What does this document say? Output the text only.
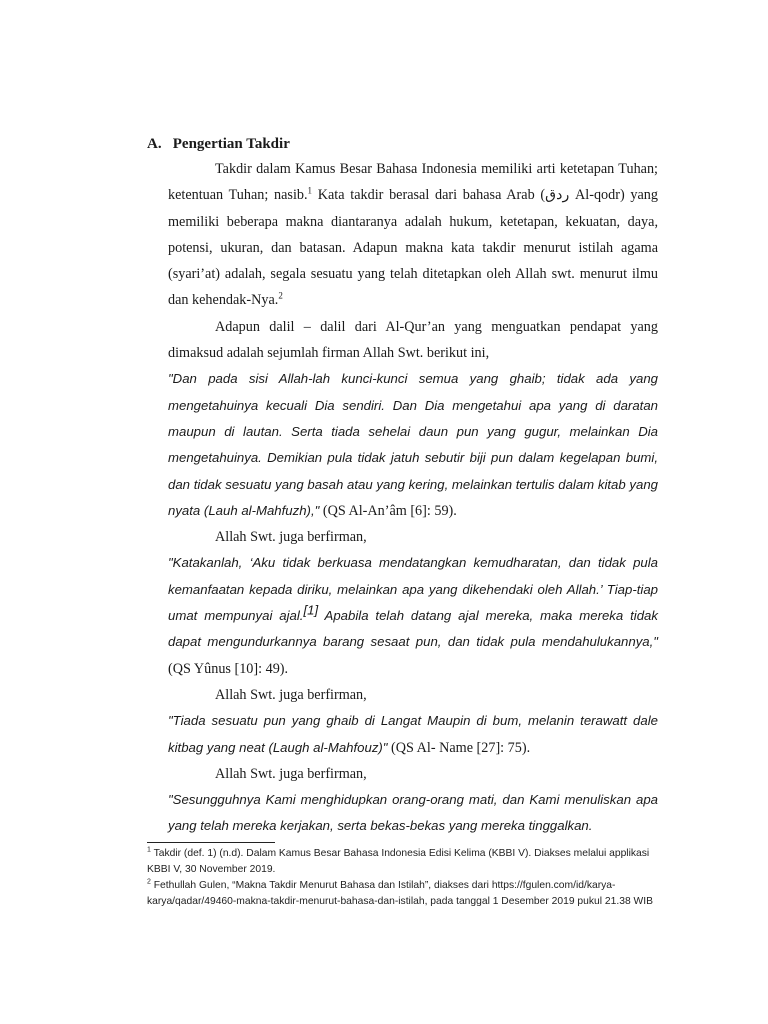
A. Pengertian Takdir

Takdir dalam Kamus Besar Bahasa Indonesia memiliki arti ketetapan Tuhan; ketentuan Tuhan; nasib.$^1$ Kata takdir berasal dari bahasa Arab (ردق Al-qodr) yang memiliki beberapa makna diantaranya adalah hukum, ketetapan, kekuatan, daya, potensi, ukuran, dan batasan. Adapun makna kata takdir menurut istilah agama (syari’at) adalah, segala sesuatu yang telah ditetapkan oleh Allah swt. menurut ilmu dan kehendak-Nya.$^2$

Adapun dalil – dalil dari Al-Qur’an yang menguatkan pendapat yang dimaksud adalah sejumlah firman Allah Swt. berikut ini,

"Dan pada sisi Allah-lah kunci-kunci semua yang ghaib; tidak ada yang mengetahuinya kecuali Dia sendiri. Dan Dia mengetahui apa yang di daratan maupun di lautan. Serta tiada sehelai daun pun yang gugur, melainkan Dia mengetahuinya. Demikian pula tidak jatuh sebutir biji pun dalam kegelapan bumi, dan tidak sesuatu yang basah atau yang kering, melainkan tertulis dalam kitab yang nyata (Lauh al-Mahfuzh)," (QS Al-An’âm [6]: 59).

Allah Swt. juga berfirman,

"Katakanlah, ‘Aku tidak berkuasa mendatangkan kemudharatan, dan tidak pula kemanfaatan kepada diriku, melainkan apa yang dikehendaki oleh Allah.’ Tiap-tiap umat mempunyai ajal.[1] Apabila telah datang ajal mereka, maka mereka tidak dapat mengundurkannya barang sesaat pun, dan tidak pula mendahulukannya," (QS Yûnus [10]: 49).

Allah Swt. juga berfirman,

"Tiada sesuatu pun yang ghaib di Langat Maupin di bum, melanin terawatt dale kitbag yang neat (Laugh al-Mahfouz)" (QS Al- Name [27]: 75).

Allah Swt. juga berfirman,

"Sesungguhnya Kami menghidupkan orang-orang mati, dan Kami menuliskan apa yang telah mereka kerjakan, serta bekas-bekas yang mereka tinggalkan.

$^1$ Takdir (def. 1) (n.d). Dalam Kamus Besar Bahasa Indonesia Edisi Kelima (KBBI V). Diakses melalui applikasi KBBI V, 30 November 2019.

$^2$ Fethullah Gulen, “Makna Takdir Menurut Bahasa dan Istilah”, diakses dari https://fgulen.com/id/karya-karya/qadar/49460-makna-takdir-menurut-bahasa-dan-istilah, pada tanggal 1 Desember 2019 pukul 21.38 WIB
